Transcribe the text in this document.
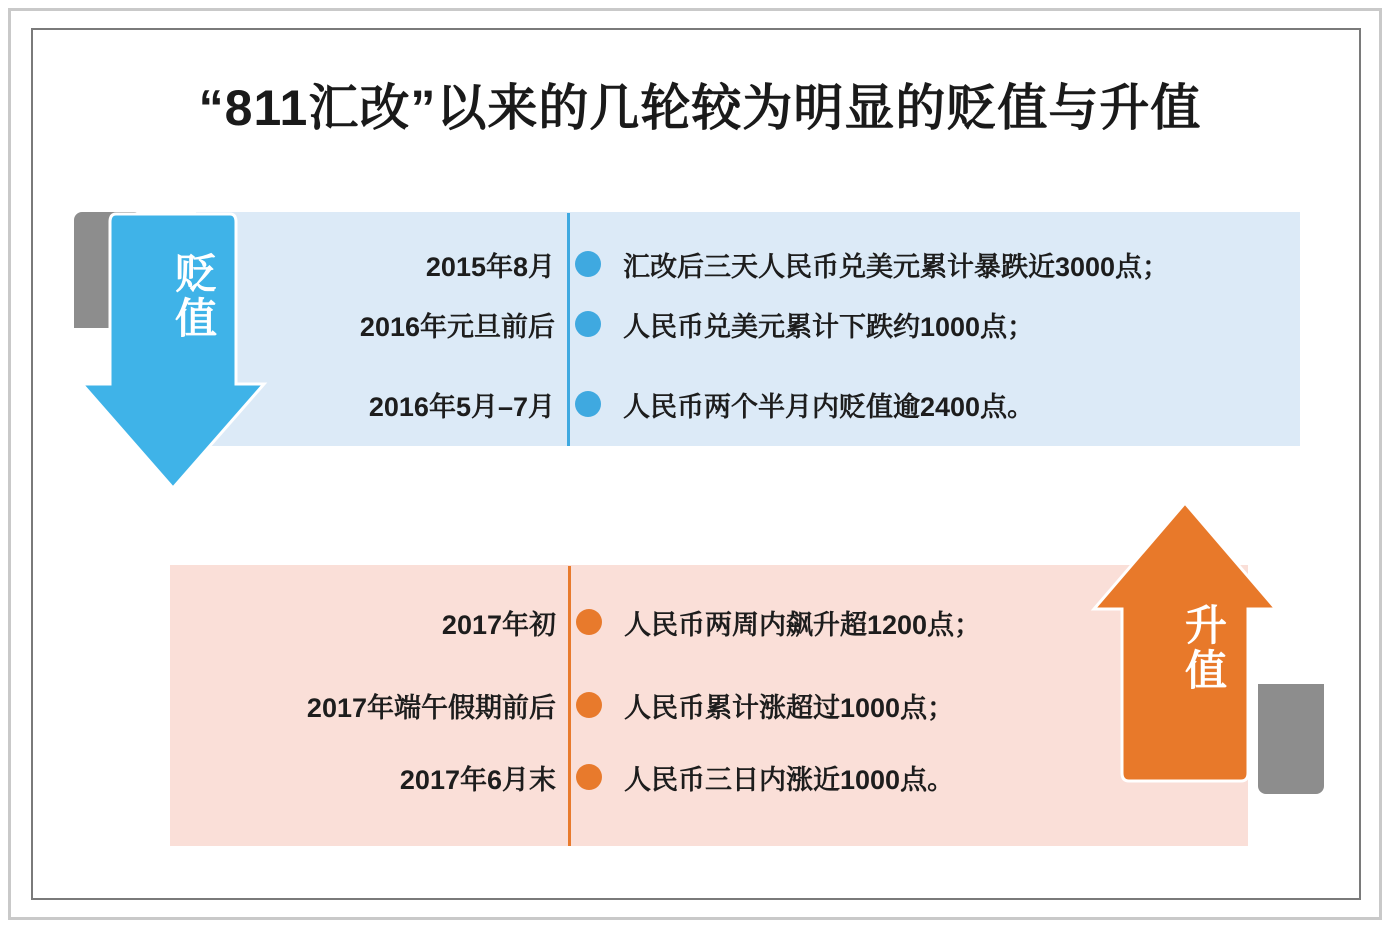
“811汇改”以来的几轮较为明显的贬值与升值
贬值
2015年8月	汇改后三天人民币兑美元累计暴跌近3000点；
2016年元旦前后	人民币兑美元累计下跌约1000点；
2016年5月–7月	人民币两个半月内贬值逾2400点。
升值
2017年初	人民币两周内飙升超1200点；
2017年端午假期前后	人民币累计涨超过1000点；
2017年6月末	人民币三日内涨近1000点。
